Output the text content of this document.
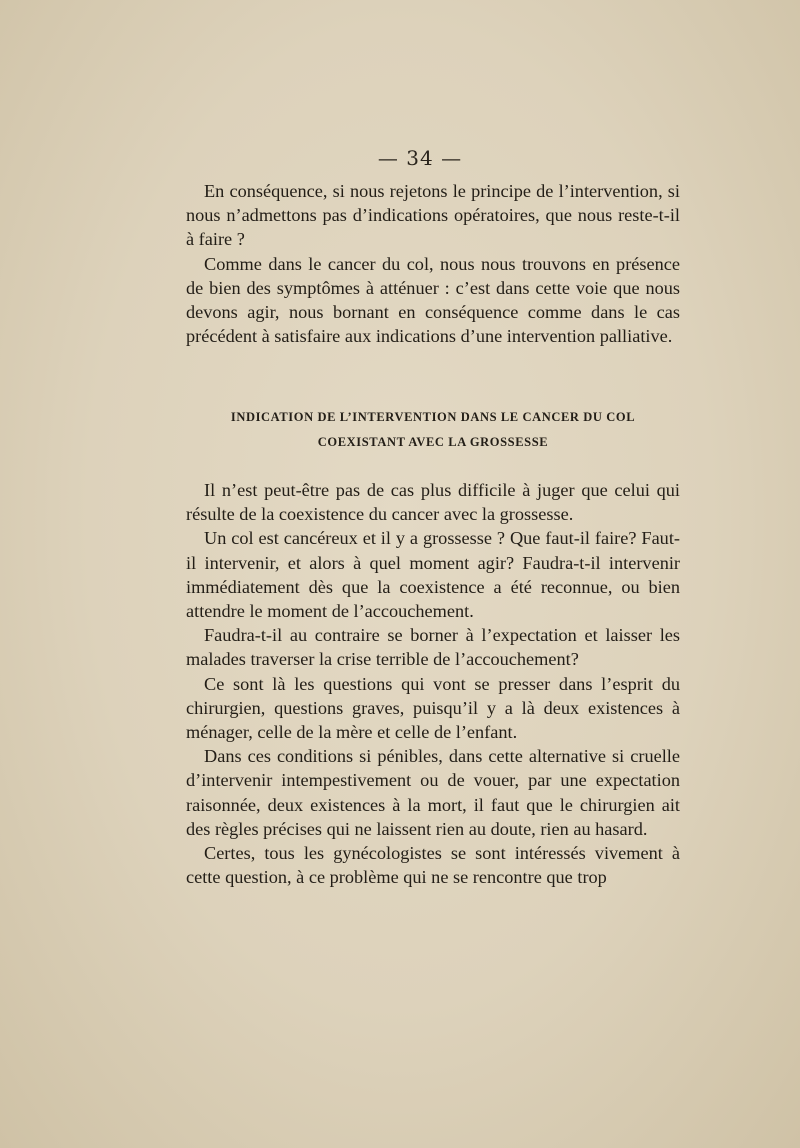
— 34 —

En conséquence, si nous rejetons le principe de l’intervention, si nous n’admettons pas d’indications opératoires, que nous reste-t-il à faire ?

Comme dans le cancer du col, nous nous trouvons en présence de bien des symptômes à atténuer : c’est dans cette voie que nous devons agir, nous bornant en conséquence comme dans le cas précédent à satisfaire aux indications d’une intervention palliative.

INDICATION DE L’INTERVENTION DANS LE CANCER DU COL
COEXISTANT AVEC LA GROSSESSE

Il n’est peut-être pas de cas plus difficile à juger que celui qui résulte de la coexistence du cancer avec la grossesse.

Un col est cancéreux et il y a grossesse ? Que faut-il faire? Faut-il intervenir, et alors à quel moment agir? Faudra-t-il intervenir immédiatement dès que la coexistence a été reconnue, ou bien attendre le moment de l’accouchement.

Faudra-t-il au contraire se borner à l’expectation et laisser les malades traverser la crise terrible de l’accouchement?

Ce sont là les questions qui vont se presser dans l’esprit du chirurgien, questions graves, puisqu’il y a là deux existences à ménager, celle de la mère et celle de l’enfant.

Dans ces conditions si pénibles, dans cette alternative si cruelle d’intervenir intempestivement ou de vouer, par une expectation raisonnée, deux existences à la mort, il faut que le chirurgien ait des règles précises qui ne laissent rien au doute, rien au hasard.

Certes, tous les gynécologistes se sont intéressés vivement à cette question, à ce problème qui ne se rencontre que trop
